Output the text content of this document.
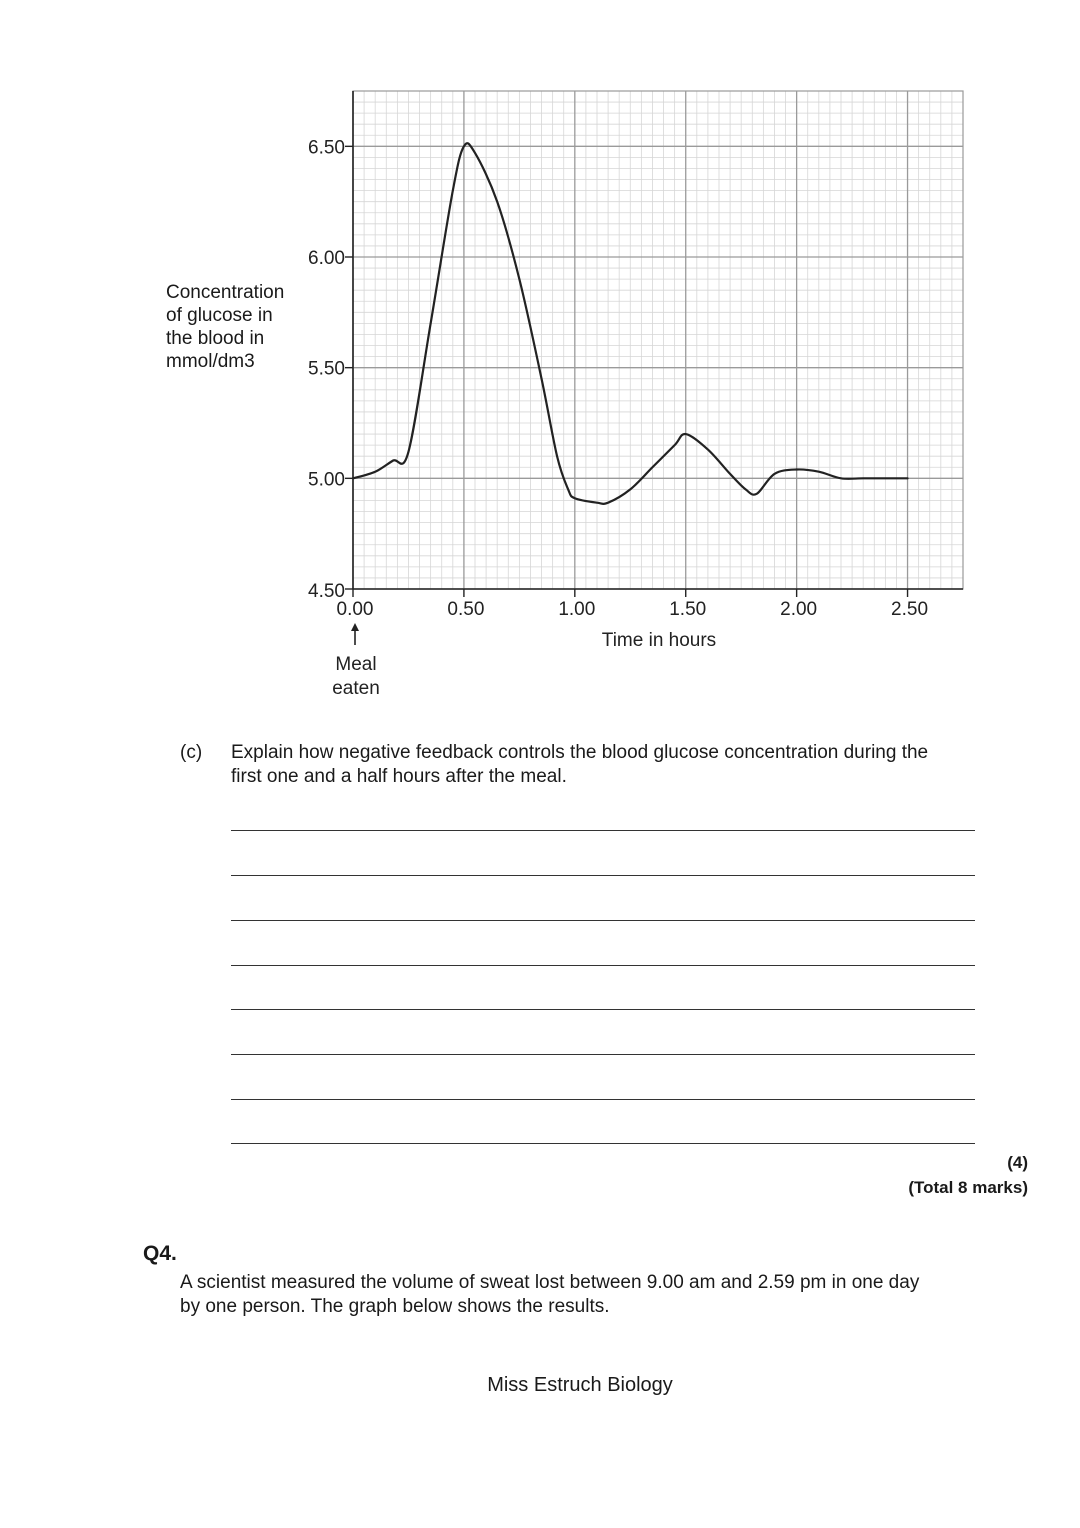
Concentration
of glucose in
the blood in
mmol/dm3
6.50
6.00
5.50
5.00
4.50
0.00	0.50	1.00	1.50	2.00	2.50
Time in hours
Meal
eaten
(c) Explain how negative feedback controls the blood glucose concentration during the
first one and a half hours after the meal.
(4)
(Total 8 marks)
Q4.
A scientist measured the volume of sweat lost between 9.00 am and 2.59 pm in one day
by one person. The graph below shows the results.
Miss Estruch Biology
